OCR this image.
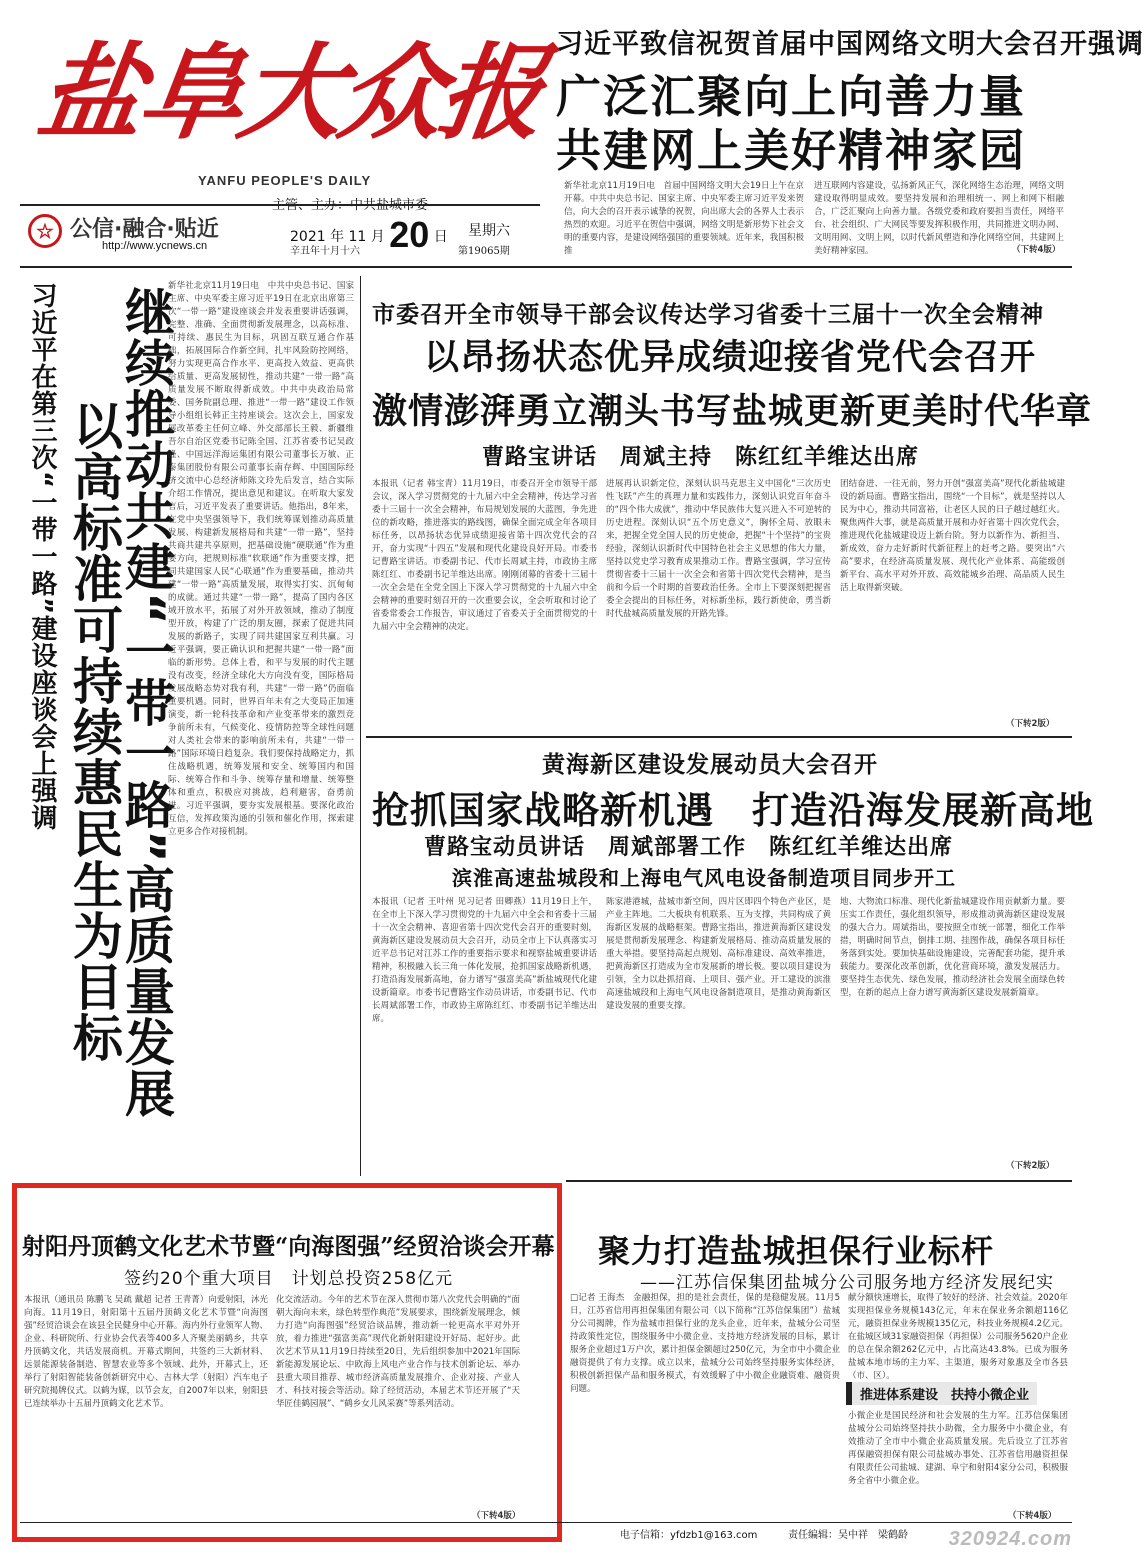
盐阜大众报
YANFU PEOPLE'S DAILY
☆ 公信·融合·贴近
http://www.ycnews.cn
2021 年 11 月 20 日
辛丑年十月十六
星期六
第19065期
习近平致信祝贺首届中国网络文明大会召开强调
广泛汇聚向上向善力量
共建网上美好精神家园
新华社北京11月19日电　首届中国网络文明大会19日上午在京开幕。中共中央总书记、国家主席、中央军委主席习近平发来贺信，向大会的召开表示诚挚的祝贺，向出席大会的各界人士表示热烈的欢迎。习近平在贺信中强调，网络文明是新形势下社会文明的重要内容，是建设网络强国的重要领域。近年来，我国积极推
进互联网内容建设，弘扬新风正气，深化网络生态治理，网络文明建设取得明显成效。要坚持发展和治理相统一、网上和网下相融合，广泛汇聚向上向善力量。各级党委和政府要担当责任，网络平台、社会组织、广大网民等要发挥积极作用，共同推进文明办网、文明用网、文明上网，以时代新风塑造和净化网络空间，共建网上美好精神家园。	（下转4版）
习近平在第三次“一带一路”建设座谈会上强调 继续推动共建“一带一路”高质量发展
以高标准可持续惠民生为目标
新华社北京11月19日电　中共中央总书记、国家主席、中央军委主席习近平19日在北京出席第三次“一带一路”建设座谈会并发表重要讲话强调，完整、准确、全面贯彻新发展理念，以高标准、可持续、惠民生为目标，巩固互联互通合作基础，拓展国际合作新空间，扎牢风险防控网络，努力实现更高合作水平、更高投入效益、更高供给质量、更高发展韧性，推动共建“一带一路”高质量发展不断取得新成效。中共中央政治局常委、国务院副总理、推进“一带一路”建设工作领导小组组长韩正主持座谈会。这次会上，国家发展改革委主任何立峰、外交部部长王毅、新疆维吾尔自治区党委书记陈全国、江苏省委书记吴政隆、中国远洋海运集团有限公司董事长万敏、正泰集团股份有限公司董事长南存辉、中国国际经济交流中心总经济师陈文玲先后发言，结合实际介绍工作情况，提出意见和建议。在听取大家发言后，习近平发表了重要讲话。他指出，8年来，在党中央坚强领导下，我们统筹谋划推动高质量发展、构建新发展格局和共建“一带一路”，坚持共商共建共享原则，把基础设施“硬联通”作为重要方向，把规则标准“软联通”作为重要支撑，把同共建国家人民“心联通”作为重要基础，推动共建“一带一路”高质量发展，取得实打实、沉甸甸的成就。通过共建“一带一路”，提高了国内各区域开放水平，拓展了对外开放领域，推动了制度型开放，构建了广泛的朋友圈，探索了促进共同发展的新路子，实现了同共建国家互利共赢。习近平强调，要正确认识和把握共建“一带一路”面临的新形势。总体上看，和平与发展的时代主题没有改变，经济全球化大方向没有变，国际格局发展战略态势对我有利，共建“一带一路”仍面临重要机遇。同时，世界百年未有之大变局正加速演变，新一轮科技革命和产业变革带来的激烈竞争前所未有，气候变化、疫情防控等全球性问题对人类社会带来的影响前所未有，共建“一带一路”国际环境日趋复杂。我们要保持战略定力，抓住战略机遇，统筹发展和安全、统筹国内和国际、统筹合作和斗争、统筹存量和增量、统筹整体和重点，积极应对挑战，趋利避害，奋勇前进。习近平强调，要夯实发展根基。要深化政治互信，发挥政策沟通的引领和催化作用，探索建立更多合作对接机制。
市委召开全市领导干部会议传达学习省委十三届十一次全会精神
以昂扬状态优异成绩迎接省党代会召开
激情澎湃勇立潮头书写盐城更新更美时代华章
曹路宝讲话　周斌主持　陈红红羊维达出席
本报讯（记者 韩宝青）11月19日，市委召开全市领导干部会议，深入学习贯彻党的十九届六中全会精神，传达学习省委十三届十一次全会精神，布局规划发展的大蓝图，争先进位的新攻略，推进落实的路线图，确保全面完成全年各项目标任务，以昂扬状态优异成绩迎接省第十四次党代会的召开，奋力实现“十四五”发展和现代化建设良好开局。市委书记曹路宝讲话。市委副书记、代市长周斌主持，市政协主席陈红红、市委副书记羊维达出席。刚刚闭幕的省委十三届十一次全会是在全党全国上下深入学习贯彻党的十九届六中全会精神的重要时刻召开的一次重要会议，全会听取和讨论了省委常委会工作报告，审议通过了省委关于全面贯彻党的十九届六中全会精神的决定。
进展再认识新定位，深刻认识马克思主义中国化“三次历史性飞跃”产生的真理力量和实践伟力，深刻认识党百年奋斗的“四个伟大成就”，推动中华民族伟大复兴进入不可逆转的历史进程。深刻认识“五个历史意义”，胸怀全局、放眼未来，把握全党全国人民的历史使命，把握“十个坚持”的宝贵经验，深刻认识新时代中国特色社会主义思想的伟大力量，坚持以党史学习教育成果推动工作。曹路宝强调，学习宣传贯彻省委十三届十一次全会和省第十四次党代会精神，是当前和今后一个时期的首要政治任务。全市上下要深刻把握省委全会提出的目标任务，对标新坐标，践行新使命，勇当新时代盐城高质量发展的开路先锋。
团结奋进、一往无前，努力开创“强富美高”现代化新盐城建设的新局面。曹路宝指出，围绕“一个目标”，就是坚持以人民为中心，推动共同富裕，让老区人民的日子越过越红火。聚焦两件大事，就是高质量开展和办好省第十四次党代会，推进现代化盐城建设迈上新台阶。努力以新作为、新担当、新成效，奋力走好新时代新征程上的赶考之路。要突出“六高”要求，在经济高质量发展、现代化产业体系、高能级创新平台、高水平对外开放、高效能城乡治理、高品质人民生活上取得新突破。
（下转2版）
黄海新区建设发展动员大会召开
抢抓国家战略新机遇　打造沿海发展新高地
曹路宝动员讲话　周斌部署工作　陈红红羊维达出席
滨淮高速盐城段和上海电气风电设备制造项目同步开工
本报讯（记者 王叶州 见习记者 田卿燕）11月19日上午，在全市上下深入学习贯彻党的十九届六中全会和省委十三届十一次全会精神、喜迎省第十四次党代会召开的重要时刻，黄海新区建设发展动员大会召开，动员全市上下认真落实习近平总书记对江苏工作的重要指示要求和视察盐城重要讲话精神，积极融入长三角一体化发展，抢抓国家战略新机遇，打造沿海发展新高地，奋力谱写“强富美高”新盐城现代化建设新篇章。市委书记曹路宝作动员讲话，市委副书记、代市长周斌部署工作，市政协主席陈红红、市委副书记羊维达出席。
陈家港港城，盐城市新空间，四片区即四个特色产业区，是产业主阵地。二大板块有机联系、互为支撑，共同构成了黄海新区发展的战略框架。曹路宝指出，推进黄海新区建设发展是贯彻新发展理念、构建新发展格局、推动高质量发展的重大举措。要坚持高起点规划、高标准建设、高效率推进，把黄海新区打造成为全市发展新的增长极。要以项目建设为引领，全力以赴抓招商、上项目、强产业。开工建设的滨淮高速盐城段和上海电气风电设备制造项目，是推动黄海新区建设发展的重要支撑。
地、大物流口标准、现代化新盐城建设作用贡献新力量。要压实工作责任，强化组织领导，形成推动黄海新区建设发展的强大合力。周斌指出，要按照全市统一部署，细化工作举措，明确时间节点，倒排工期、挂图作战，确保各项目标任务落到实处。要加快基础设施建设，完善配套功能，提升承载能力。要深化改革创新，优化营商环境，激发发展活力。要坚持生态优先、绿色发展，推动经济社会发展全面绿色转型，在新的起点上奋力谱写黄海新区建设发展新篇章。
（下转2版）
射阳丹顶鹤文化艺术节暨“向海图强”经贸洽谈会开幕
签约20个重大项目　计划总投资258亿元
本报讯（通讯员 陈鹏飞 吴疏 戴超 记者 王青菁）向爱射阳，沐光向海。11月19日，射阳第十五届丹顶鹤文化艺术节暨“向海图强”经贸洽谈会在该县全民健身中心开幕。海内外行业领军人物、企业、科研院所、行业协会代表等400多人齐聚美丽鹤乡，共享丹顶鹤文化，共话发展商机。开幕式期间，共签约三大新材料、远景能源装备制造、智慧农业等多个领域、此外，开幕式上，还举行了射阳智能装备创新研究中心、吉林大学（射阳）汽车电子研究院揭牌仪式。以鹤为媒，以节会友，自2007年以来，射阳县已连续举办十五届丹顶鹤文化艺术节。
化交流活动。今年的艺术节在深入贯彻市第八次党代会明确的“面朝大海向未来，绿色转型作典范”发展要求，围绕新发展理念，倾力打造“向海图强”经贸洽谈品牌，推动新一轮更高水平对外开放，着力推进“强富美高”现代化新射阳建设开好局、起好步。此次艺术节从11月19日持续至20日，先后组织参加中2021年国际新能源发展论坛、中欧海上风电产业合作与技术创新论坛、举办县重大项目推荐、城市经济高质量发展推介、企业对接、产业人才、科技对接会等活动。除了经贸活动，本届艺术节还开展了“天华匠佳鹤园展”、“鹤乡女儿风采赛”等系列活动。
（下转4版）
聚力打造盐城担保行业标杆
——江苏信保集团盐城分公司服务地方经济发展纪实
□记者 王海杰　金融担保，担的是社会责任，保的是稳健发展。11月5日，江苏省信用再担保集团有限公司（以下简称“江苏信保集团”）盐城分公司揭牌，作为盐城市担保行业的龙头企业，近年来，盐城分公司坚持政策性定位，围绕服务中小微企业、支持地方经济发展的目标，累计服务企业超过1万户次，累计担保金额超过250亿元，为全市中小微企业融资提供了有力支撑。成立以来，盐城分公司始终坚持服务实体经济，积极创新担保产品和服务模式，有效缓解了中小微企业融资难、融资贵问题。
献分额快速增长，取得了较好的经济、社会效益。2020年实现担保业务规模143亿元，年末在保业务余额超116亿元，融资担保业务规模135亿元，科技业务规模4.2亿元。在盐城区域31家融资担保（再担保）公司服务5620户企业的总在保余额262亿元中，占比高达43.8%。已成为服务盐城本地市场的主力军、主渠道，服务对象惠及全市各县（市、区）。
推进体系建设　扶持小微企业
小微企业是国民经济和社会发展的生力军。江苏信保集团盐城分公司始终坚持扶小助微，全力服务中小微企业，有效推动了全市中小微企业高质量发展。先后设立了江苏省再保融资担保有限公司盐城办事处、江苏省信用融资担保有限责任公司盐城、建湖、阜宁和射阳4家分公司，积极服务全省中小微企业。
（下转4版）
电子信箱：yfdzb1@163.com	责任编辑：吴中祥　梁鹤龄 320924.com
